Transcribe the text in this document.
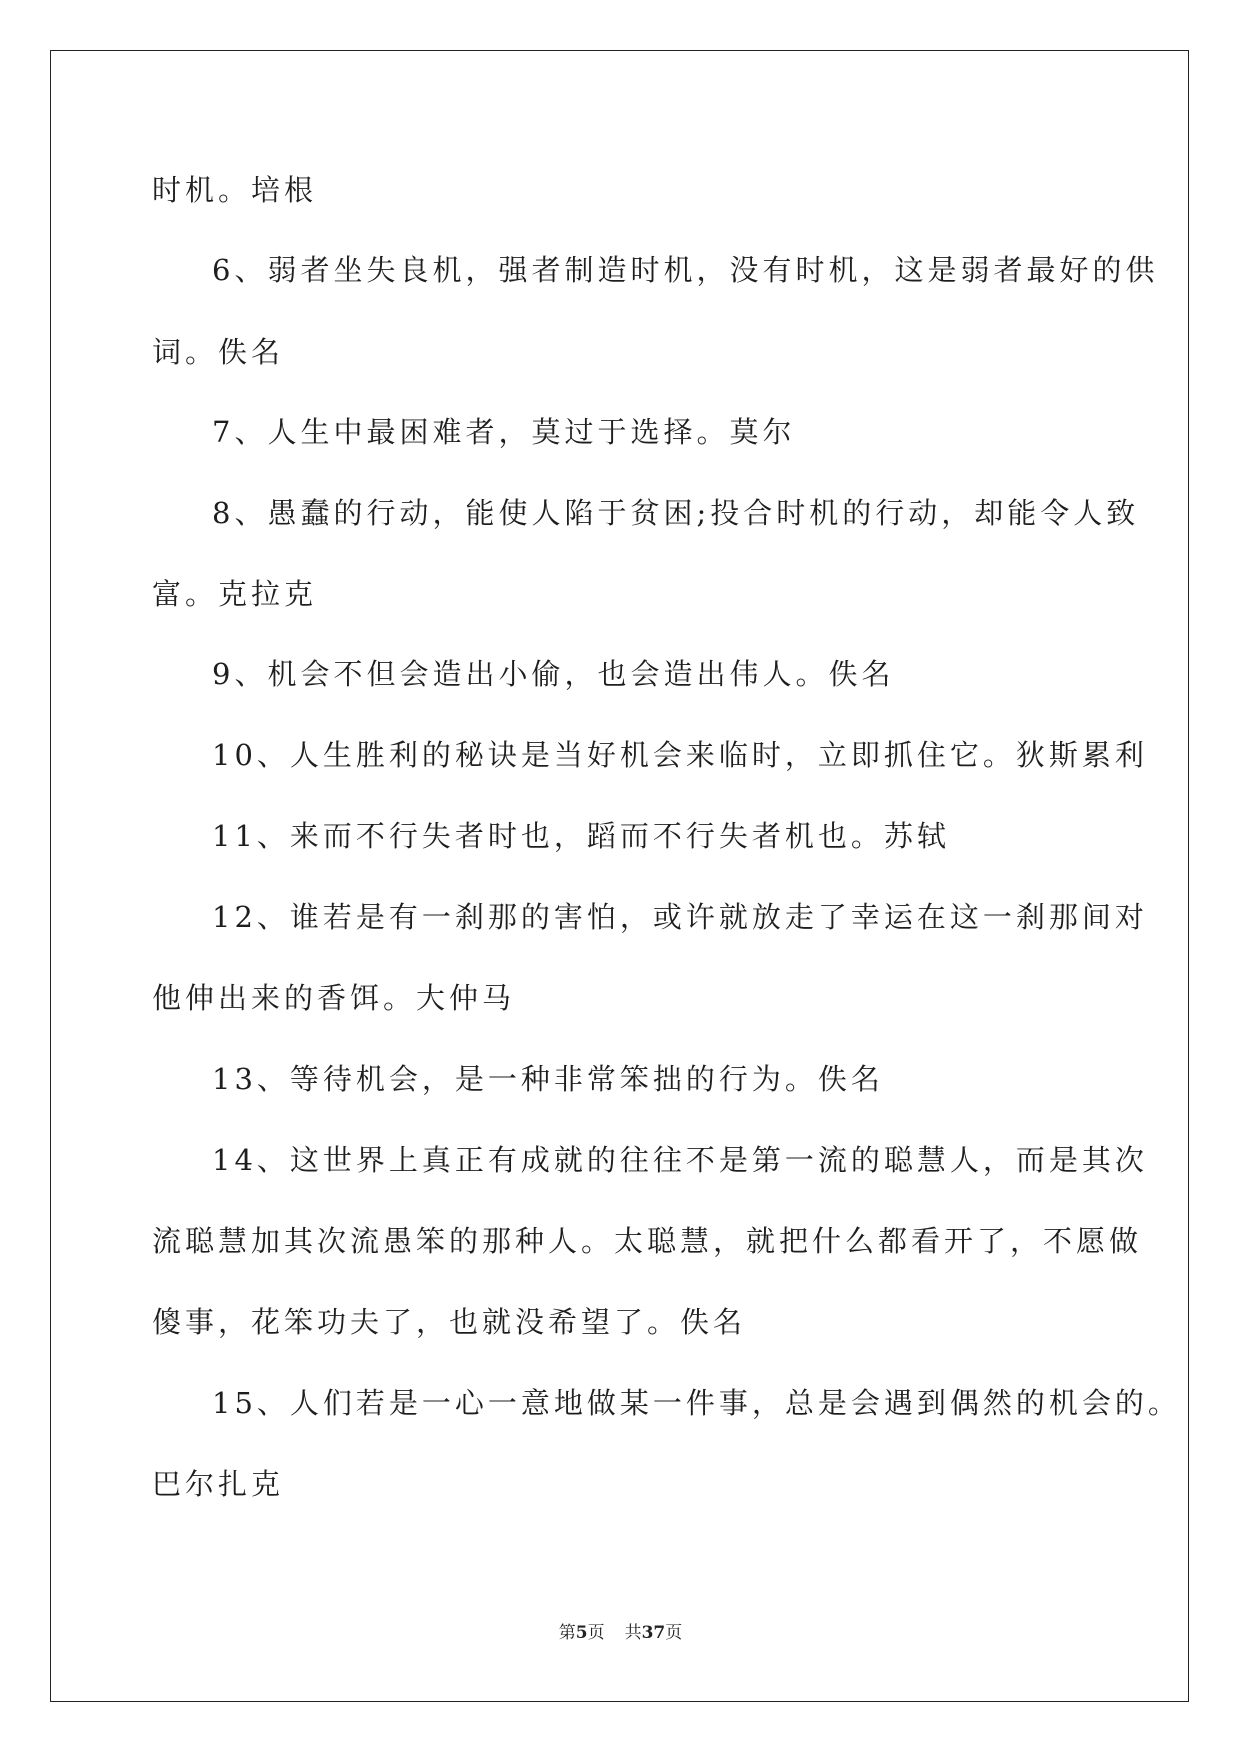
时机。培根
6、弱者坐失良机，强者制造时机，没有时机，这是弱者最好的供
词。佚名
7、人生中最困难者，莫过于选择。莫尔
8、愚蠢的行动，能使人陷于贫困;投合时机的行动，却能令人致
富。克拉克
9、机会不但会造出小偷，也会造出伟人。佚名
10、人生胜利的秘诀是当好机会来临时，立即抓住它。狄斯累利
11、来而不行失者时也，蹈而不行失者机也。苏轼
12、谁若是有一刹那的害怕，或许就放走了幸运在这一刹那间对
他伸出来的香饵。大仲马
13、等待机会，是一种非常笨拙的行为。佚名
14、这世界上真正有成就的往往不是第一流的聪慧人，而是其次
流聪慧加其次流愚笨的那种人。太聪慧，就把什么都看开了，不愿做
傻事，花笨功夫了，也就没希望了。佚名
15、人们若是一心一意地做某一件事，总是会遇到偶然的机会的。
巴尔扎克
第5页 共37页
